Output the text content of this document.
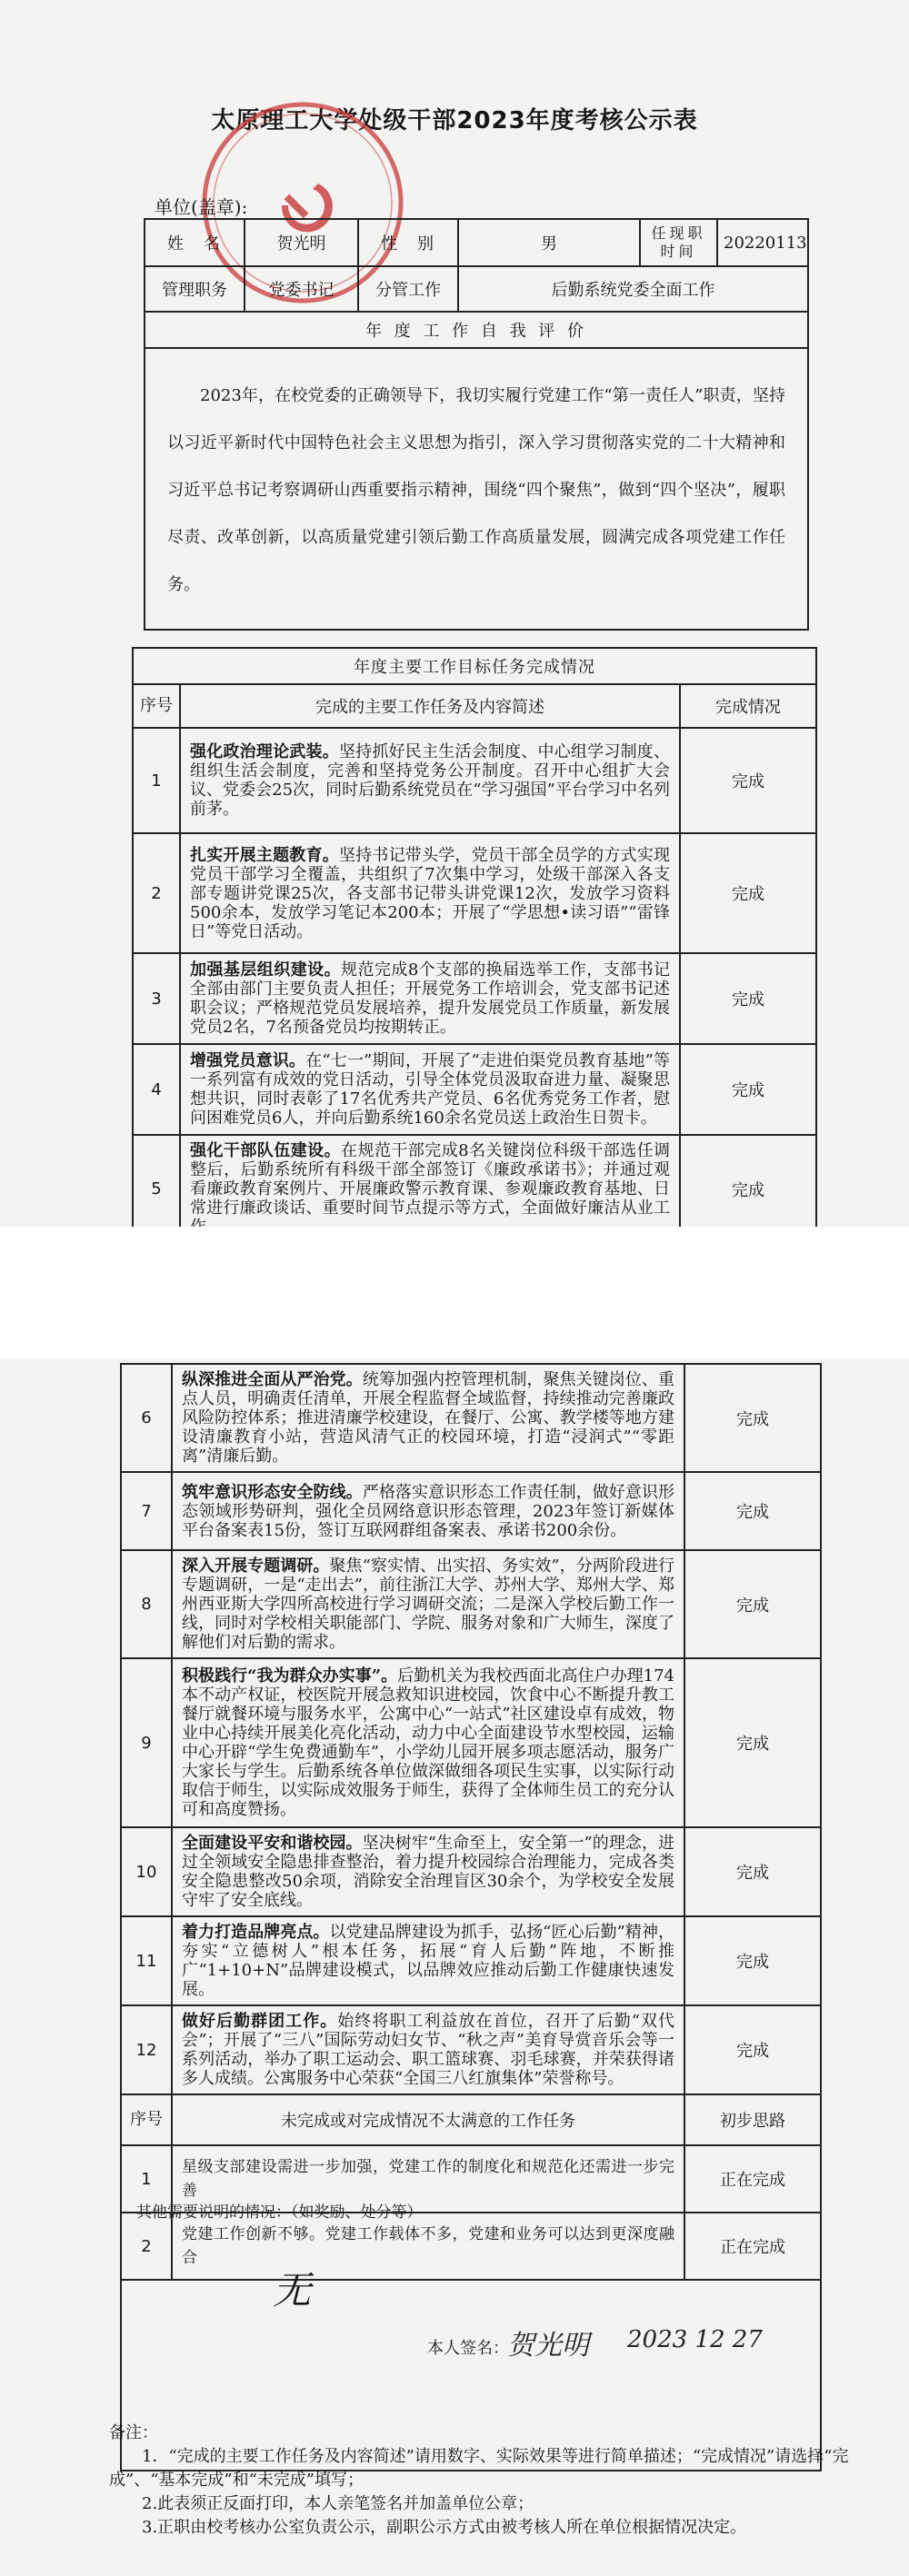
太原理工大学处级干部2023年度考核公示表
单位(盖章):
姓　名	贺光明	性　别	男	任现职时间	20220113
管理职务	党委书记	分管工作	后勤系统党委全面工作		
年 度 工 作 自 我 评 价					
2023年，在校党委的正确领导下，我切实履行党建工作“第一责任人”职责，坚持以习近平新时代中国特色社会主义思想为指引，深入学习贯彻落实党的二十大精神和习近平总书记考察调研山西重要指示精神，围绕“四个聚焦”，做到“四个坚决”，履职尽责、改革创新，以高质量党建引领后勤工作高质量发展，圆满完成各项党建工作任务。					
年度主要工作目标任务完成情况		
序号	完成的主要工作任务及内容简述	完成情况
1	强化政治理论武装。坚持抓好民主生活会制度、中心组学习制度、组织生活会制度，完善和坚持党务公开制度。召开中心组扩大会议、党委会25次，同时后勤系统党员在“学习强国”平台学习中名列前茅。	完成
2	扎实开展主题教育。坚持书记带头学，党员干部全员学的方式实现党员干部学习全覆盖，共组织了7次集中学习，处级干部深入各支部专题讲党课25次，各支部书记带头讲党课12次，发放学习资料500余本，发放学习笔记本200本；开展了“学思想•读习语”“雷锋日”等党日活动。	完成
3	加强基层组织建设。规范完成8个支部的换届选举工作，支部书记全部由部门主要负责人担任；开展党务工作培训会，党支部书记述职会议；严格规范党员发展培养，提升发展党员工作质量，新发展党员2名，7名预备党员均按期转正。	完成
4	增强党员意识。在“七一”期间，开展了“走进伯渠党员教育基地”等一系列富有成效的党日活动，引导全体党员汲取奋进力量、凝聚思想共识，同时表彰了17名优秀共产党员、6名优秀党务工作者，慰问困难党员6人，并向后勤系统160余名党员送上政治生日贺卡。	完成
5	强化干部队伍建设。在规范干部完成8名关键岗位科级干部选任调整后，后勤系统所有科级干部全部签订《廉政承诺书》；并通过观看廉政教育案例片、开展廉政警示教育课、参观廉政教育基地、日常进行廉政谈话、重要时间节点提示等方式，全面做好廉洁从业工	完成
6	纵深推进全面从严治党。统筹加强内控管理机制，聚焦关键岗位、重点人员，明确责任清单，开展全程监督全域监督，持续推动完善廉政风险防控体系；推进清廉学校建设，在餐厅、公寓、教学楼等地方建设清廉教育小站，营造风清气正的校园环境，打造“浸润式”“零距离”清廉后勤。	完成
7	筑牢意识形态安全防线。严格落实意识形态工作责任制，做好意识形态领域形势研判，强化全员网络意识形态管理，2023年签订新媒体平台备案表15份，签订互联网群组备案表、承诺书200余份。	完成
8	深入开展专题调研。聚焦“察实情、出实招、务实效”，分两阶段进行专题调研，一是“走出去”，前往浙江大学、苏州大学、郑州大学、郑州西亚斯大学四所高校进行学习调研交流；二是深入学校后勤工作一线，同时对学校相关职能部门、学院、服务对象和广大师生，深度了解他们对后勤的需求。	完成
9	积极践行“我为群众办实事”。后勤机关为我校西面北高住户办理174本不动产权证，校医院开展急救知识进校园，饮食中心不断提升教工餐厅就餐环境与服务水平，公寓中心“一站式”社区建设卓有成效，物业中心持续开展美化亮化活动，动力中心全面建设节水型校园，运输中心开辟“学生免费通勤车”，小学幼儿园开展多项志愿活动，服务广大家长与学生。后勤系统各单位做深做细各项民生实事，以实际行动取信于师生，以实际成效服务于师生，获得了全体师生员工的充分认可和高度赞扬。	完成
10	全面建设平安和谐校园。坚决树牢“生命至上，安全第一”的理念，进过全领域安全隐患排查整治，着力提升校园综合治理能力，完成各类安全隐患整改50余项，消除安全治理盲区30余个，为学校安全发展守牢了安全底线。	完成
11	着力打造品牌亮点。以党建品牌建设为抓手，弘扬“匠心后勤”精神，夯实“立德树人”根本任务，拓展“育人后勤”阵地，不断推广“1+10+N”品牌建设模式，以品牌效应推动后勤工作健康快速发展。	完成
12	做好后勤群团工作。始终将职工利益放在首位，召开了后勤“双代会”；开展了“三八”国际劳动妇女节、“秋之声”美育导赏音乐会等一系列活动，举办了职工运动会、职工篮球赛、羽毛球赛，并荣获得诸多人成绩。公寓服务中心荣获“全国三八红旗集体”荣誉称号。	完成
序号	未完成或对完成情况不太满意的工作任务	初步思路
1	星级支部建设需进一步加强，党建工作的制度化和规范化还需进一步完善	正在完成
2	党建工作创新不够。党建工作载体不多，党建和业务可以达到更深度融合	正在完成

其他需要说明的情况：（如奖励、处分等）
无
本人签名：
贺光明 2023 12 27
备注：
1．“完成的主要工作任务及内容简述”请用数字、实际效果等进行简单描述；“完成情况”请选择“完成”、“基本完成”和“未完成”填写；
2.此表须正反面打印，本人亲笔签名并加盖单位公章；
3.正职由校考核办公室负责公示，副职公示方式由被考核人所在单位根据情况决定。
